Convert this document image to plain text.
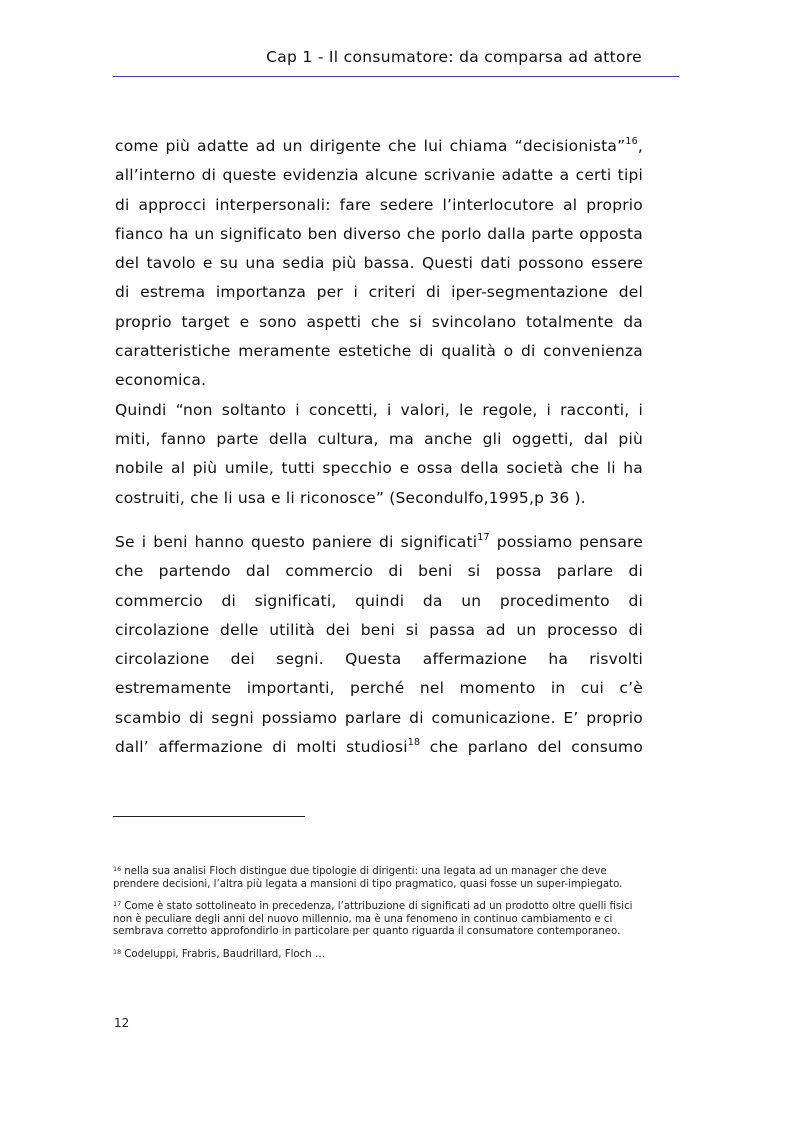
Cap 1 - Il consumatore: da comparsa ad attore
come più adatte ad un dirigente che lui chiama “decisionista”$^{16}$,
all’interno di queste evidenzia alcune scrivanie adatte a certi tipi
di approcci interpersonali: fare sedere l’interlocutore al proprio
fianco ha un significato ben diverso che porlo dalla parte opposta
del tavolo e su una sedia più bassa. Questi dati possono essere
di estrema importanza per i criteri di iper-segmentazione del
proprio target e sono aspetti che si svincolano totalmente da
caratteristiche meramente estetiche di qualità o di convenienza
economica.
Quindi “non soltanto i concetti, i valori, le regole, i racconti, i
miti, fanno parte della cultura, ma anche gli oggetti, dal più
nobile al più umile, tutti specchio e ossa della società che li ha
costruiti, che li usa e li riconosce” (Secondulfo,1995,p 36 ).
Se i beni hanno questo paniere di significati$^{17}$ possiamo pensare
che partendo dal commercio di beni si possa parlare di
commercio di significati, quindi da un procedimento di
circolazione delle utilità dei beni si passa ad un processo di
circolazione dei segni. Questa affermazione ha risvolti
estremamente importanti, perché nel momento in cui c’è
scambio di segni possiamo parlare di comunicazione. E’ proprio
dall’ affermazione di molti studiosi$^{18}$ che parlano del consumo

$^{16}$ nella sua analisi Floch distingue due tipologie di dirigenti: una legata ad un manager che deve prendere decisioni, l’altra più legata a mansioni di tipo pragmatico, quasi fosse un super-impiegato.

$^{17}$ Come è stato sottolineato in precedenza, l’attribuzione di significati ad un prodotto oltre quelli fisici non è peculiare degli anni del nuovo millennio, ma è una fenomeno in continuo cambiamento e ci sembrava corretto approfondirlo in particolare per quanto riguarda il consumatore contemporaneo.

$^{18}$ Codeluppi, Frabris, Baudrillard, Floch …

12
